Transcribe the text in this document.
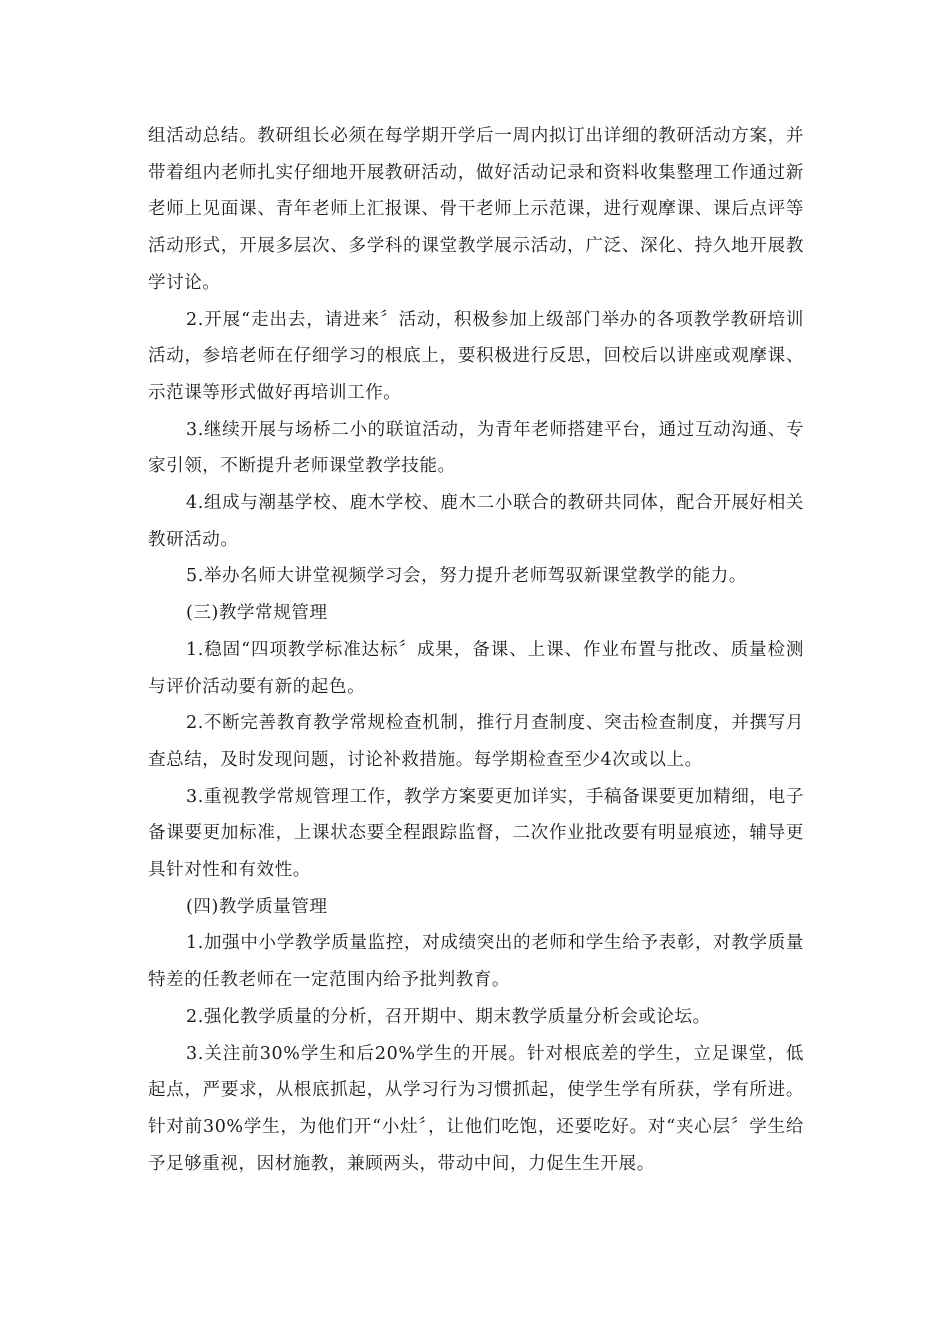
组活动总结。教研组长必须在每学期开学后一周内拟订出详细的教研活动方案，并带着组内老师扎实仔细地开展教研活动，做好活动记录和资料收集整理工作通过新老师上见面课、青年老师上汇报课、骨干老师上示范课，进行观摩课、课后点评等活动形式，开展多层次、多学科的课堂教学展示活动，广泛、深化、持久地开展教学讨论。

2.开展“走出去，请进来〞活动，积极参加上级部门举办的各项教学教研培训活动，参培老师在仔细学习的根底上，要积极进行反思，回校后以讲座或观摩课、示范课等形式做好再培训工作。

3.继续开展与场桥二小的联谊活动，为青年老师搭建平台，通过互动沟通、专家引领，不断提升老师课堂教学技能。

4.组成与潮基学校、鹿木学校、鹿木二小联合的教研共同体，配合开展好相关教研活动。

5.举办名师大讲堂视频学习会，努力提升老师驾驭新课堂教学的能力。

(三)教学常规管理

1.稳固“四项教学标准达标〞成果，备课、上课、作业布置与批改、质量检测与评价活动要有新的起色。

2.不断完善教育教学常规检查机制，推行月查制度、突击检查制度，并撰写月查总结，及时发现问题，讨论补救措施。每学期检查至少4次或以上。

3.重视教学常规管理工作，教学方案要更加详实，手稿备课要更加精细，电子备课要更加标准，上课状态要全程跟踪监督，二次作业批改要有明显痕迹，辅导更具针对性和有效性。

(四)教学质量管理

1.加强中小学教学质量监控，对成绩突出的老师和学生给予表彰，对教学质量特差的任教老师在一定范围内给予批判教育。

2.强化教学质量的分析，召开期中、期末教学质量分析会或论坛。

3.关注前30%学生和后20%学生的开展。针对根底差的学生，立足课堂，低起点，严要求，从根底抓起，从学习行为习惯抓起，使学生学有所获，学有所进。针对前30%学生，为他们开“小灶〞，让他们吃饱，还要吃好。对“夹心层〞学生给予足够重视，因材施教，兼顾两头，带动中间，力促生生开展。
